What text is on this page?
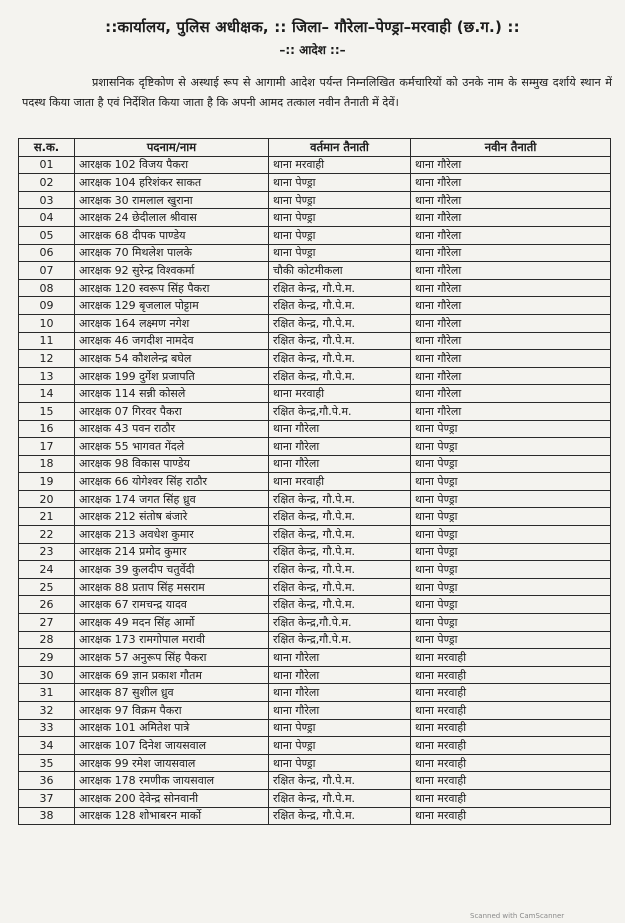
::कार्यालय, पुलिस अधीक्षक, :: जिला– गौरेला–पेण्ड्रा–मरवाही (छ.ग.) ::
–:: आदेश ::–
प्रशासनिक दृष्टिकोण से अस्थाई रूप से आगामी आदेश पर्यन्त निम्नलिखित कर्मचारियों को उनके नाम के सम्मुख दर्शाये स्थान में पदस्थ किया जाता है एवं निर्देशित किया जाता है कि अपनी आमद तत्काल नवीन तैनाती में देवें।
स.क.	पदनाम/नाम	वर्तमान तैनाती	नवीन तैनाती
01	आरक्षक 102 विजय पैकरा	थाना मरवाही	थाना गौरेला
02	आरक्षक 104 हरिशंकर साकत	थाना पेण्ड्रा	थाना गौरेला
03	आरक्षक 30 रामलाल खुराना	थाना पेण्ड्रा	थाना गौरेला
04	आरक्षक 24 छेदीलाल श्रीवास	थाना पेण्ड्रा	थाना गौरेला
05	आरक्षक 68 दीपक पाण्डेय	थाना पेण्ड्रा	थाना गौरेला
06	आरक्षक 70 मिथलेश पालके	थाना पेण्ड्रा	थाना गौरेला
07	आरक्षक 92 सुरेन्द्र विश्वकर्मा	चौकी कोटमीकला	थाना गौरेला
08	आरक्षक 120 स्वरूप सिंह पैकरा	रक्षित केन्द्र, गौ.पे.म.	थाना गौरेला
09	आरक्षक 129 बृजलाल पोट्टाम	रक्षित केन्द्र, गौ.पे.म.	थाना गौरेला
10	आरक्षक 164 लक्ष्मण नगेश	रक्षित केन्द्र, गौ.पे.म.	थाना गौरेला
11	आरक्षक 46 जगदीश नामदेव	रक्षित केन्द्र, गौ.पे.म.	थाना गौरेला
12	आरक्षक 54 कौशलेन्द्र बघेल	रक्षित केन्द्र, गौ.पे.म.	थाना गौरेला
13	आरक्षक 199 दुर्गेश प्रजापति	रक्षित केन्द्र, गौ.पे.म.	थाना गौरेला
14	आरक्षक 114 सन्नी कोसले	थाना मरवाही	थाना गौरेला
15	आरक्षक 07 गिरवर पैकरा	रक्षित केन्द्र,गौ.पे.म.	थाना गौरेला
16	आरक्षक 43 पवन राठौर	थाना गौरेला	थाना पेण्ड्रा
17	आरक्षक 55 भागवत गेंदले	थाना गौरेला	थाना पेण्ड्रा
18	आरक्षक 98 विकास पाण्डेय	थाना गौरेला	थाना पेण्ड्रा
19	आरक्षक 66 योगेश्वर सिंह राठौर	थाना मरवाही	थाना पेण्ड्रा
20	आरक्षक 174 जगत सिंह ध्रुव	रक्षित केन्द्र, गौ.पे.म.	थाना पेण्ड्रा
21	आरक्षक 212 संतोष बंजारे	रक्षित केन्द्र, गौ.पे.म.	थाना पेण्ड्रा
22	आरक्षक 213 अवधेश कुमार	रक्षित केन्द्र, गौ.पे.म.	थाना पेण्ड्रा
23	आरक्षक 214 प्रमोद कुमार	रक्षित केन्द्र, गौ.पे.म.	थाना पेण्ड्रा
24	आरक्षक 39 कुलदीप चतुर्वेदी	रक्षित केन्द्र, गौ.पे.म.	थाना पेण्ड्रा
25	आरक्षक 88 प्रताप सिंह मसराम	रक्षित केन्द्र, गौ.पे.म.	थाना पेण्ड्रा
26	आरक्षक 67 रामचन्द्र यादव	रक्षित केन्द्र, गौ.पे.म.	थाना पेण्ड्रा
27	आरक्षक 49 मदन सिंह आर्मो	रक्षित केन्द्र,गौ.पे.म.	थाना पेण्ड्रा
28	आरक्षक 173 रामगोपाल मरावी	रक्षित केन्द्र,गौ.पे.म.	थाना पेण्ड्रा
29	आरक्षक 57 अनुरूप सिंह पैकरा	थाना गौरेला	थाना मरवाही
30	आरक्षक 69 ज्ञान प्रकाश गौतम	थाना गौरेला	थाना मरवाही
31	आरक्षक 87 सुशील ध्रुव	थाना गौरेला	थाना मरवाही
32	आरक्षक 97 विक्रम पैकरा	थाना गौरेला	थाना मरवाही
33	आरक्षक 101 अमितेश पात्रे	थाना पेण्ड्रा	थाना मरवाही
34	आरक्षक 107 दिनेश जायसवाल	थाना पेण्ड्रा	थाना मरवाही
35	आरक्षक 99 रमेश जायसवाल	थाना पेण्ड्रा	थाना मरवाही
36	आरक्षक 178 रमणीक जायसवाल	रक्षित केन्द्र, गौ.पे.म.	थाना मरवाही
37	आरक्षक 200 देवेन्द्र सोनवानी	रक्षित केन्द्र, गौ.पे.म.	थाना मरवाही
38	आरक्षक 128 शोभाबरन मार्को	रक्षित केन्द्र, गौ.पे.म.	थाना मरवाही
Scanned with CamScanner
